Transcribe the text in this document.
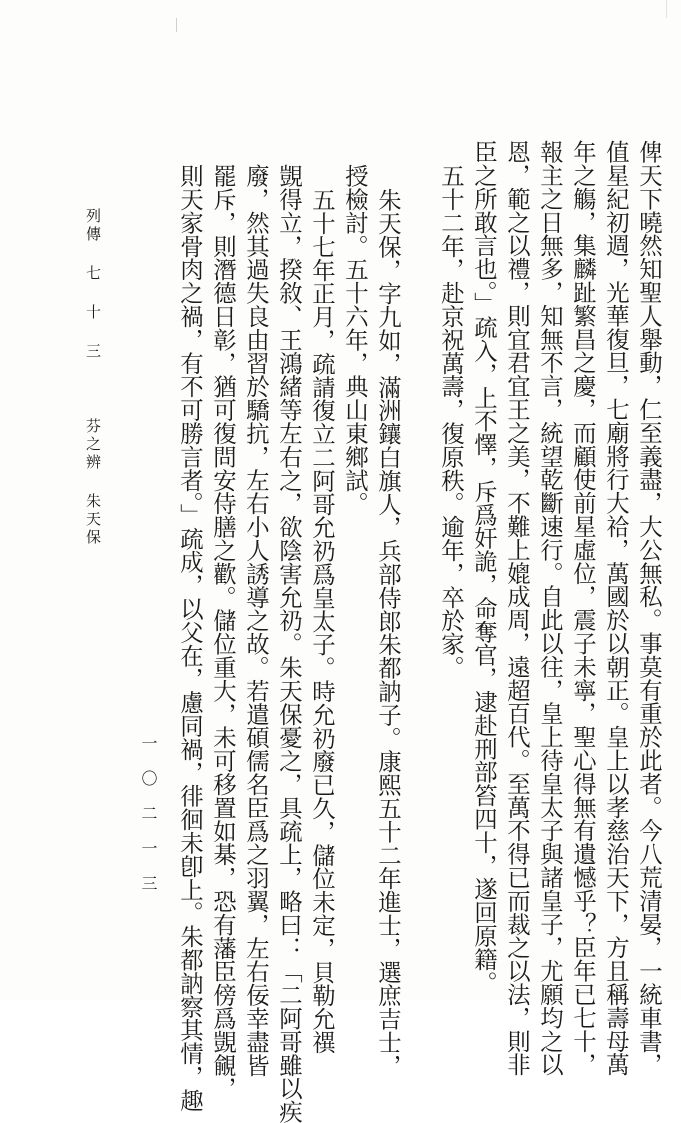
列傳 七 十 三　　 芬之辨 朱天保
一 〇 二 一 三	俾天下曉然知聖人舉動，仁至義盡，大公無私。事莫有重於此者。今八荒清晏，一統車書，
值星紀初週，光華復旦，七廟將行大祫，萬國於以朝正。皇上以孝慈治天下，方且稱壽母萬
年之觴，集麟趾繁昌之慶，而顧使前星虛位，震子未寧，聖心得無有遺憾乎？臣年已七十，
報主之日無多，知無不言，統望乾斷速行。自此以往，皇上待皇太子與諸皇子，尤願均之以
恩，範之以禮，則宜君宜王之美，不難上媲成周，遠超百代。至萬不得已而裁之以法，則非
臣之所敢言也。」疏入，上不懌，斥爲奸詭，命奪官，逮赴刑部笞四十，遂回原籍。
五十二年，赴京祝萬壽，復原秩。逾年，卒於家。
朱天保，字九如，滿洲鑲白旗人，兵部侍郎朱都訥子。康熙五十二年進士，選庶吉士，
授檢討。五十六年，典山東鄉試。
五十七年正月，疏請復立二阿哥允礽爲皇太子。時允礽廢已久，儲位未定，貝勒允禩
覬得立，揆敘、王鴻緒等左右之，欲陰害允礽。朱天保憂之，具疏上，略曰：「二阿哥雖以疾
廢，然其過失良由習於驕抗，左右小人誘導之故。若遣碩儒名臣爲之羽翼，左右佞幸盡皆
罷斥，則潛德日彰，猶可復問安侍膳之歡。儲位重大，未可移置如棊，恐有藩臣傍爲覬覦，
則天家骨肉之禍，有不可勝言者。」疏成，以父在，慮同禍，徘徊未卽上。朱都訥察其情，趣
